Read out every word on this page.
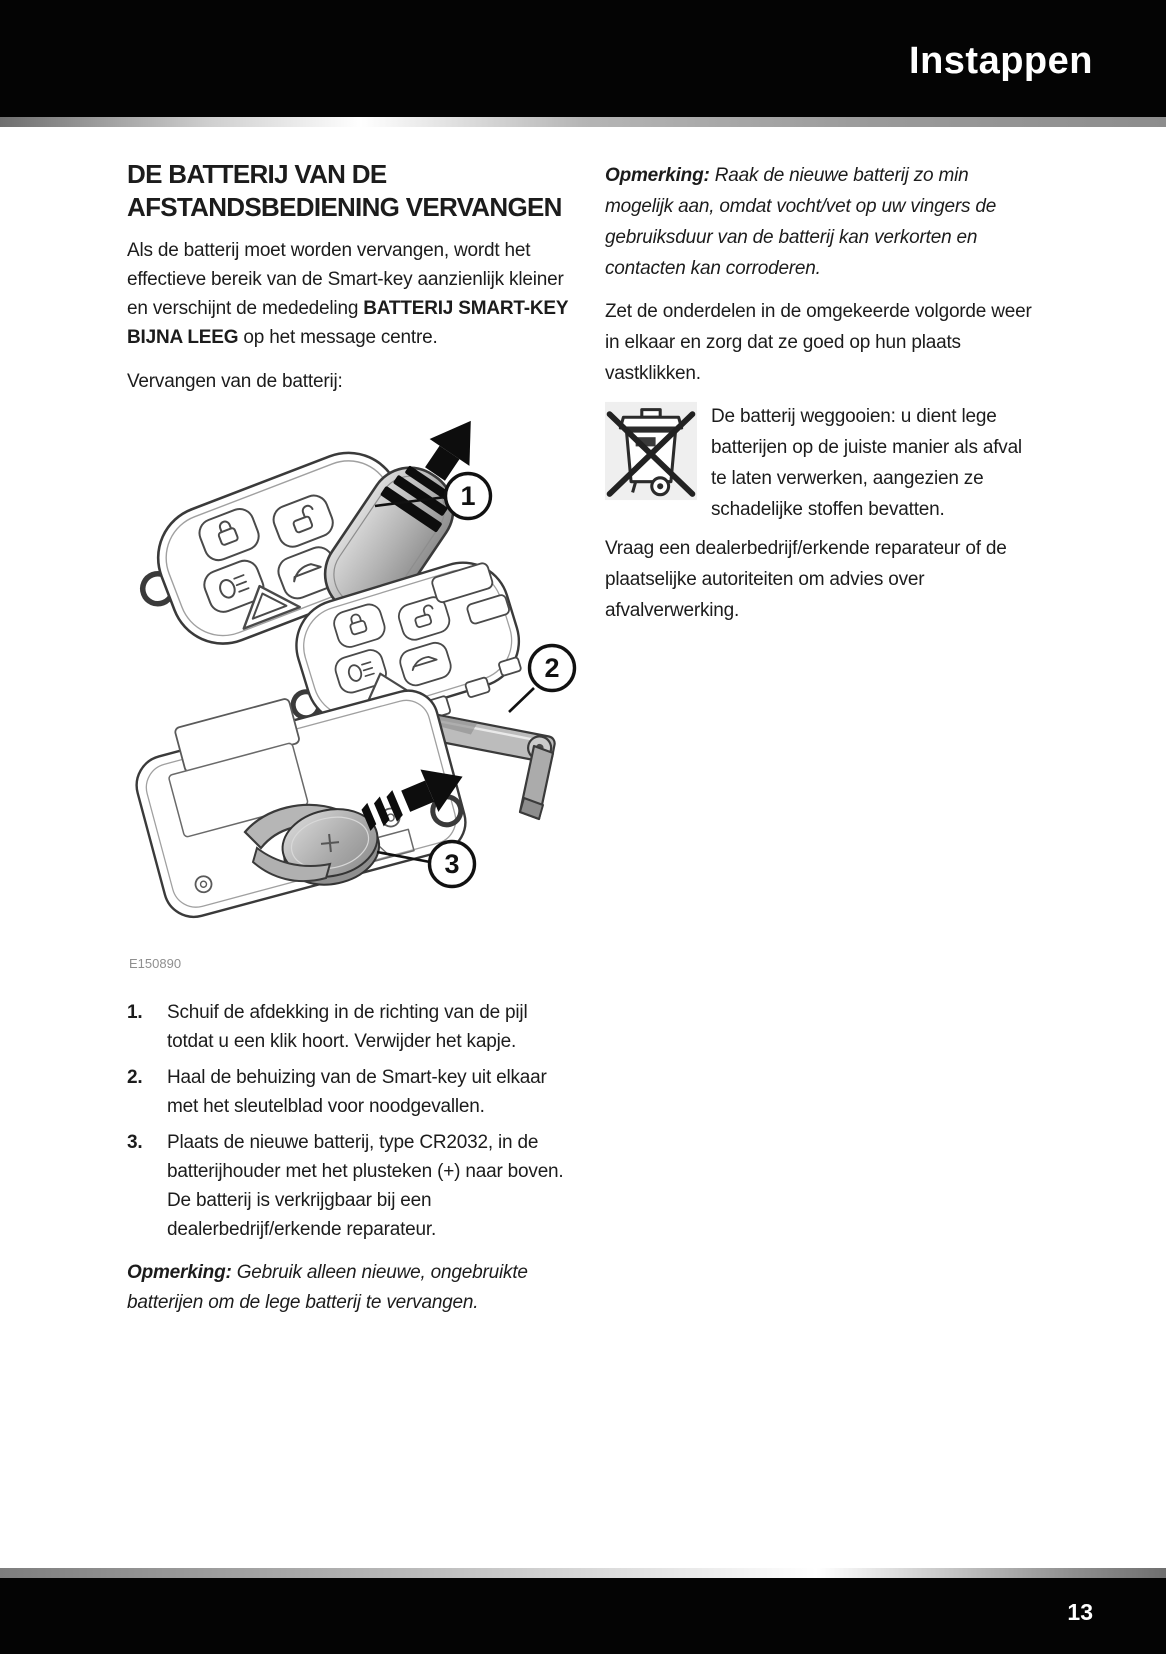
Instappen
DE BATTERIJ VAN DE AFSTANDSBEDIENING VERVANGEN

Als de batterij moet worden vervangen, wordt het effectieve bereik van de Smart-key aanzienlijk kleiner en verschijnt de mededeling BATTERIJ SMART-KEY BIJNA LEEG op het message centre.

Vervangen van de batterij:

1
2
3
E150890
1. Schuif de afdekking in de richting van de pijl totdat u een klik hoort. Verwijder het kapje.
2. Haal de behuizing van de Smart-key uit elkaar met het sleutelblad voor noodgevallen.
3. Plaats de nieuwe batterij, type CR2032, in de batterijhouder met het plusteken (+) naar boven. De batterij is verkrijgbaar bij een dealerbedrijf/erkende reparateur.

Opmerking: Gebruik alleen nieuwe, ongebruikte batterijen om de lege batterij te vervangen.

Opmerking: Raak de nieuwe batterij zo min mogelijk aan, omdat vocht/vet op uw vingers de gebruiksduur van de batterij kan verkorten en contacten kan corroderen.

Zet de onderdelen in de omgekeerde volgorde weer in elkaar en zorg dat ze goed op hun plaats vastklikken.

De batterij weggooien: u dient lege batterijen op de juiste manier als afval te laten verwerken, aangezien ze schadelijke stoffen bevatten.

Vraag een dealerbedrijf/erkende reparateur of de plaatselijke autoriteiten om advies over afvalverwerking.

13
